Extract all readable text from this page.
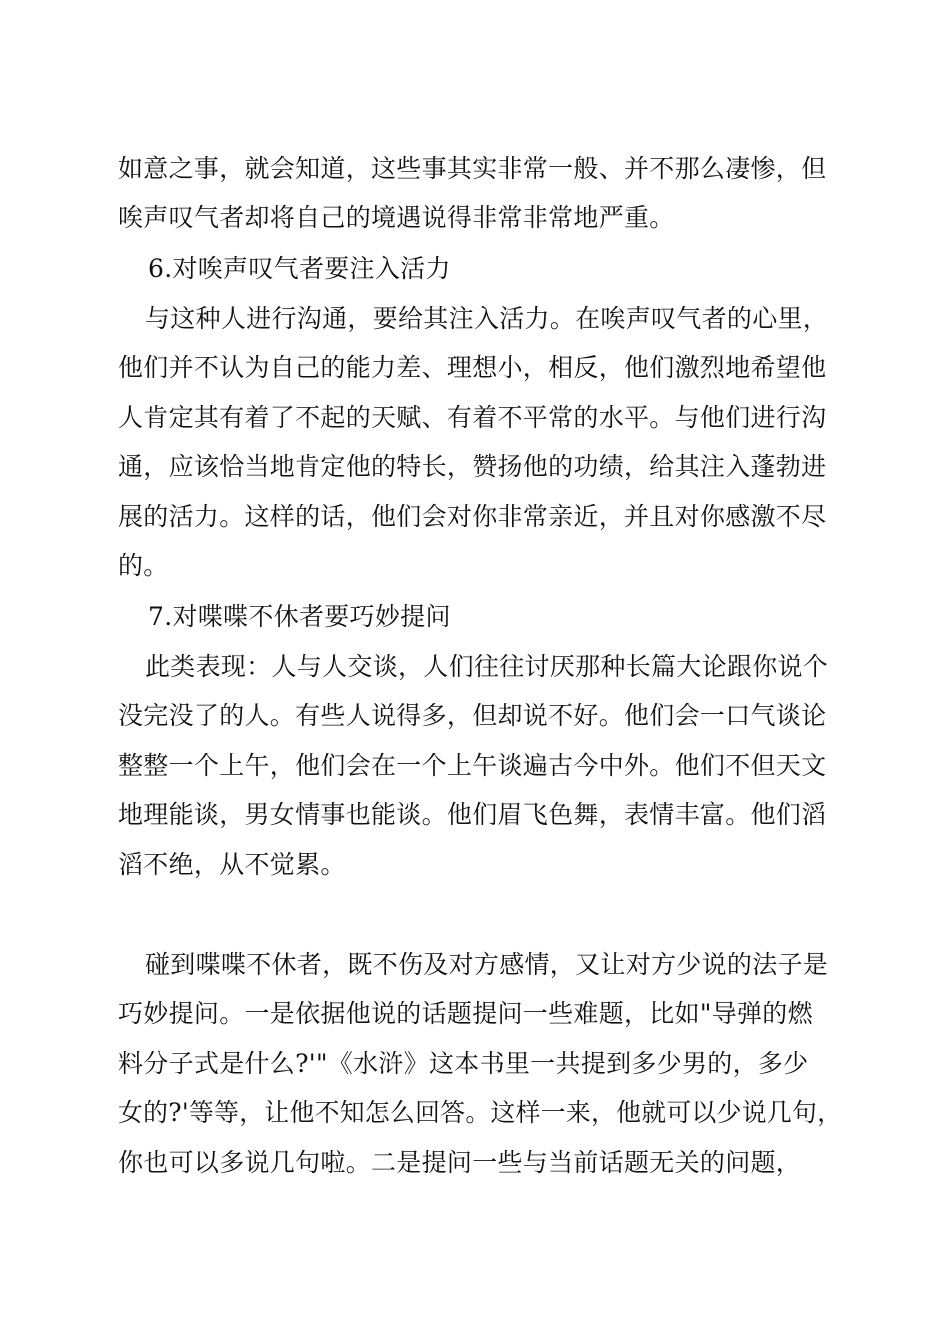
如意之事，就会知道，这些事其实非常一般、并不那么凄惨，但
唉声叹气者却将自己的境遇说得非常非常地严重。
6.对唉声叹气者要注入活力
与这种人进行沟通，要给其注入活力。在唉声叹气者的心里，
他们并不认为自己的能力差、理想小，相反，他们激烈地希望他
人肯定其有着了不起的天赋、有着不平常的水平。与他们进行沟
通，应该恰当地肯定他的特长，赞扬他的功绩，给其注入蓬勃进
展的活力。这样的话，他们会对你非常亲近，并且对你感激不尽
的。
7.对喋喋不休者要巧妙提问
此类表现：人与人交谈，人们往往讨厌那种长篇大论跟你说个
没完没了的人。有些人说得多，但却说不好。他们会一口气谈论
整整一个上午，他们会在一个上午谈遍古今中外。他们不但天文
地理能谈，男女情事也能谈。他们眉飞色舞，表情丰富。他们滔
滔不绝，从不觉累。
碰到喋喋不休者，既不伤及对方感情，又让对方少说的法子是
巧妙提问。一是依据他说的话题提问一些难题，比如"导弹的燃
料分子式是什么?'"《水浒》这本书里一共提到多少男的，多少
女的?'等等，让他不知怎么回答。这样一来，他就可以少说几句，
你也可以多说几句啦。二是提问一些与当前话题无关的问题，
